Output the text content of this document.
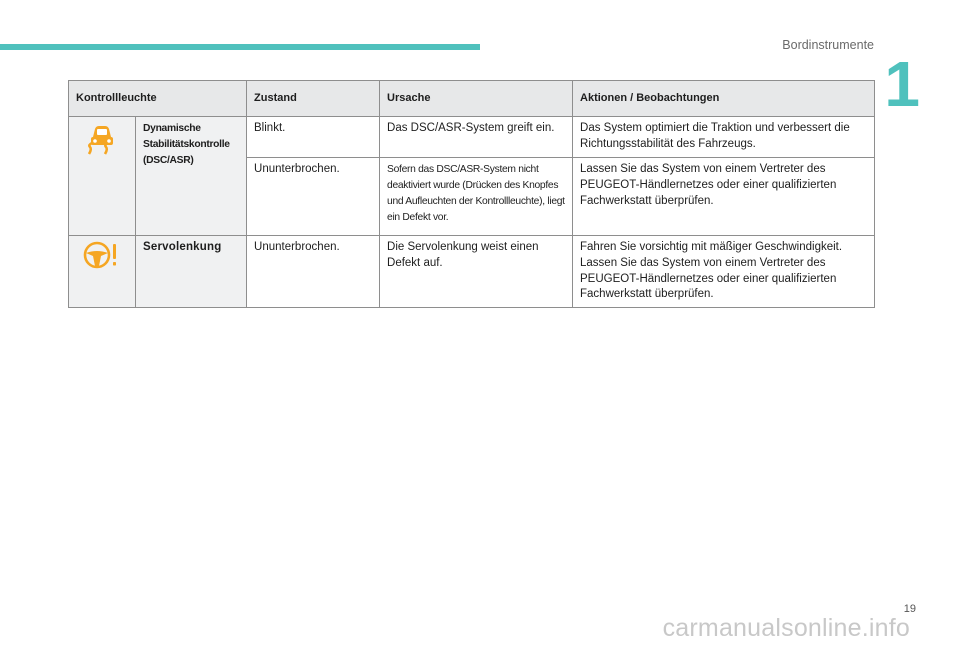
Bordinstrumente
1
Kontrollleuchte		Zustand	Ursache	Aktionen / Beobachtungen

	Dynamische Stabilitätskontrolle (DSC/ASR)	Blinkt.	Das DSC/ASR-System greift ein.	Das System optimiert die Traktion und verbessert die Richtungsstabilität des Fahrzeugs.
		Ununterbrochen.	Sofern das DSC/ASR-System nicht deaktiviert wurde (Drücken des Knopfes und Aufleuchten der Kontrollleuchte), liegt ein Defekt vor.	Lassen Sie das System von einem Vertreter des PEUGEOT-Händlernetzes oder einer qualifizierten Fachwerkstatt überprüfen.

	Servolenkung	Ununterbrochen.	Die Servolenkung weist einen Defekt auf.	Fahren Sie vorsichtig mit mäßiger Geschwindigkeit. Lassen Sie das System von einem Vertreter des PEUGEOT-Händlernetzes oder einer qualifizierten Fachwerkstatt überprüfen.
19
carmanualsonline.info
